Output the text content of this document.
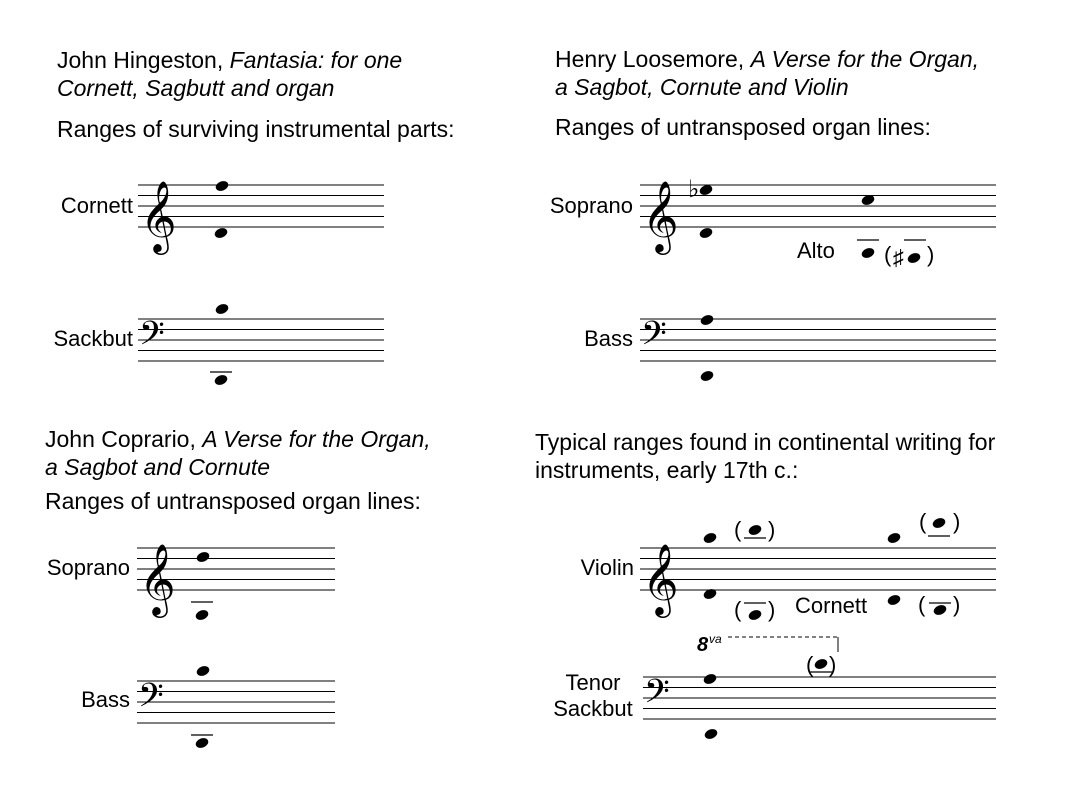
John Hingeston, Fantasia: for one
Cornett, Sagbutt and organ
Ranges of surviving instrumental parts:
Cornett
Sackbut
Henry Loosemore, A Verse for the Organ,
a Sagbot, Cornute and Violin
Ranges of untransposed organ lines:
Soprano
Bass
Alto
John Coprario, A Verse for the Organ,
a Sagbot and Cornute
Ranges of untransposed organ lines:
Soprano
Bass
Typical ranges found in continental writing for
instruments, early 17th c.:
Violin
Tenor
Sackbut
Cornett
𝄞
𝄢
𝄞
𝄢
𝄞
𝄢
𝄞
𝄢
♭
♯
( )
( )
( )
( )
( )
( )
8 va
